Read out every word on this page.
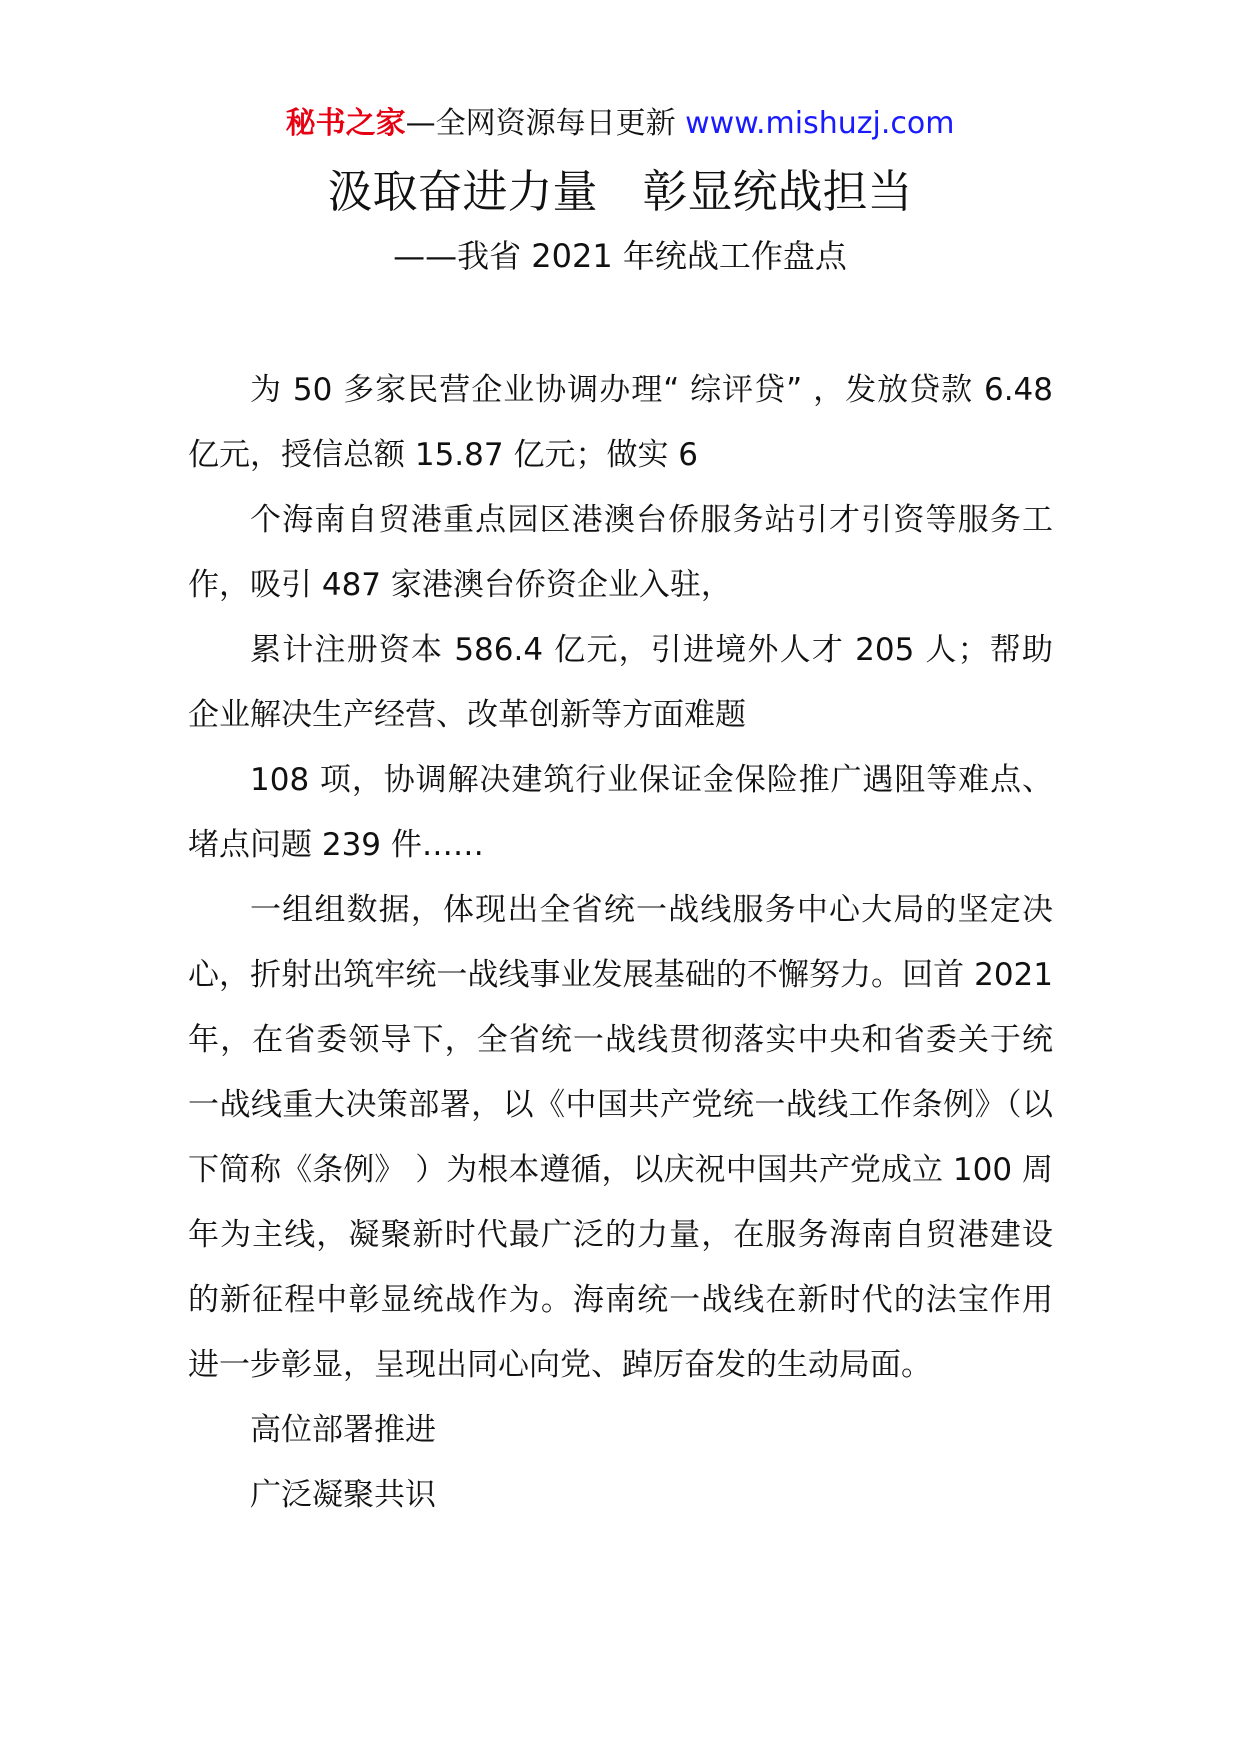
秘书之家—全网资源每日更新 www.mishuzj.com
汲取奋进力量　彰显统战担当
——我省 2021 年统战工作盘点

为 50 多家民营企业协调办理“ 综评贷” ，发放贷款 6.48 亿元，授信总额 15.87 亿元；做实 6

个海南自贸港重点园区港澳台侨服务站引才引资等服务工作，吸引 487 家港澳台侨资企业入驻，

累计注册资本 586.4 亿元，引进境外人才 205 人；帮助企业解决生产经营、改革创新等方面难题

108 项，协调解决建筑行业保证金保险推广遇阻等难点、堵点问题 239 件……

一组组数据，体现出全省统一战线服务中心大局的坚定决心，折射出筑牢统一战线事业发展基础的不懈努力。回首 2021 年，在省委领导下，全省统一战线贯彻落实中央和省委关于统一战线重大决策部署，以《中国共产党统一战线工作条例》（以下简称《条例》 ）为根本遵循，以庆祝中国共产党成立 100 周年为主线，凝聚新时代最广泛的力量，在服务海南自贸港建设的新征程中彰显统战作为。海南统一战线在新时代的法宝作用进一步彰显，呈现出同心向党、踔厉奋发的生动局面。

高位部署推进

广泛凝聚共识
